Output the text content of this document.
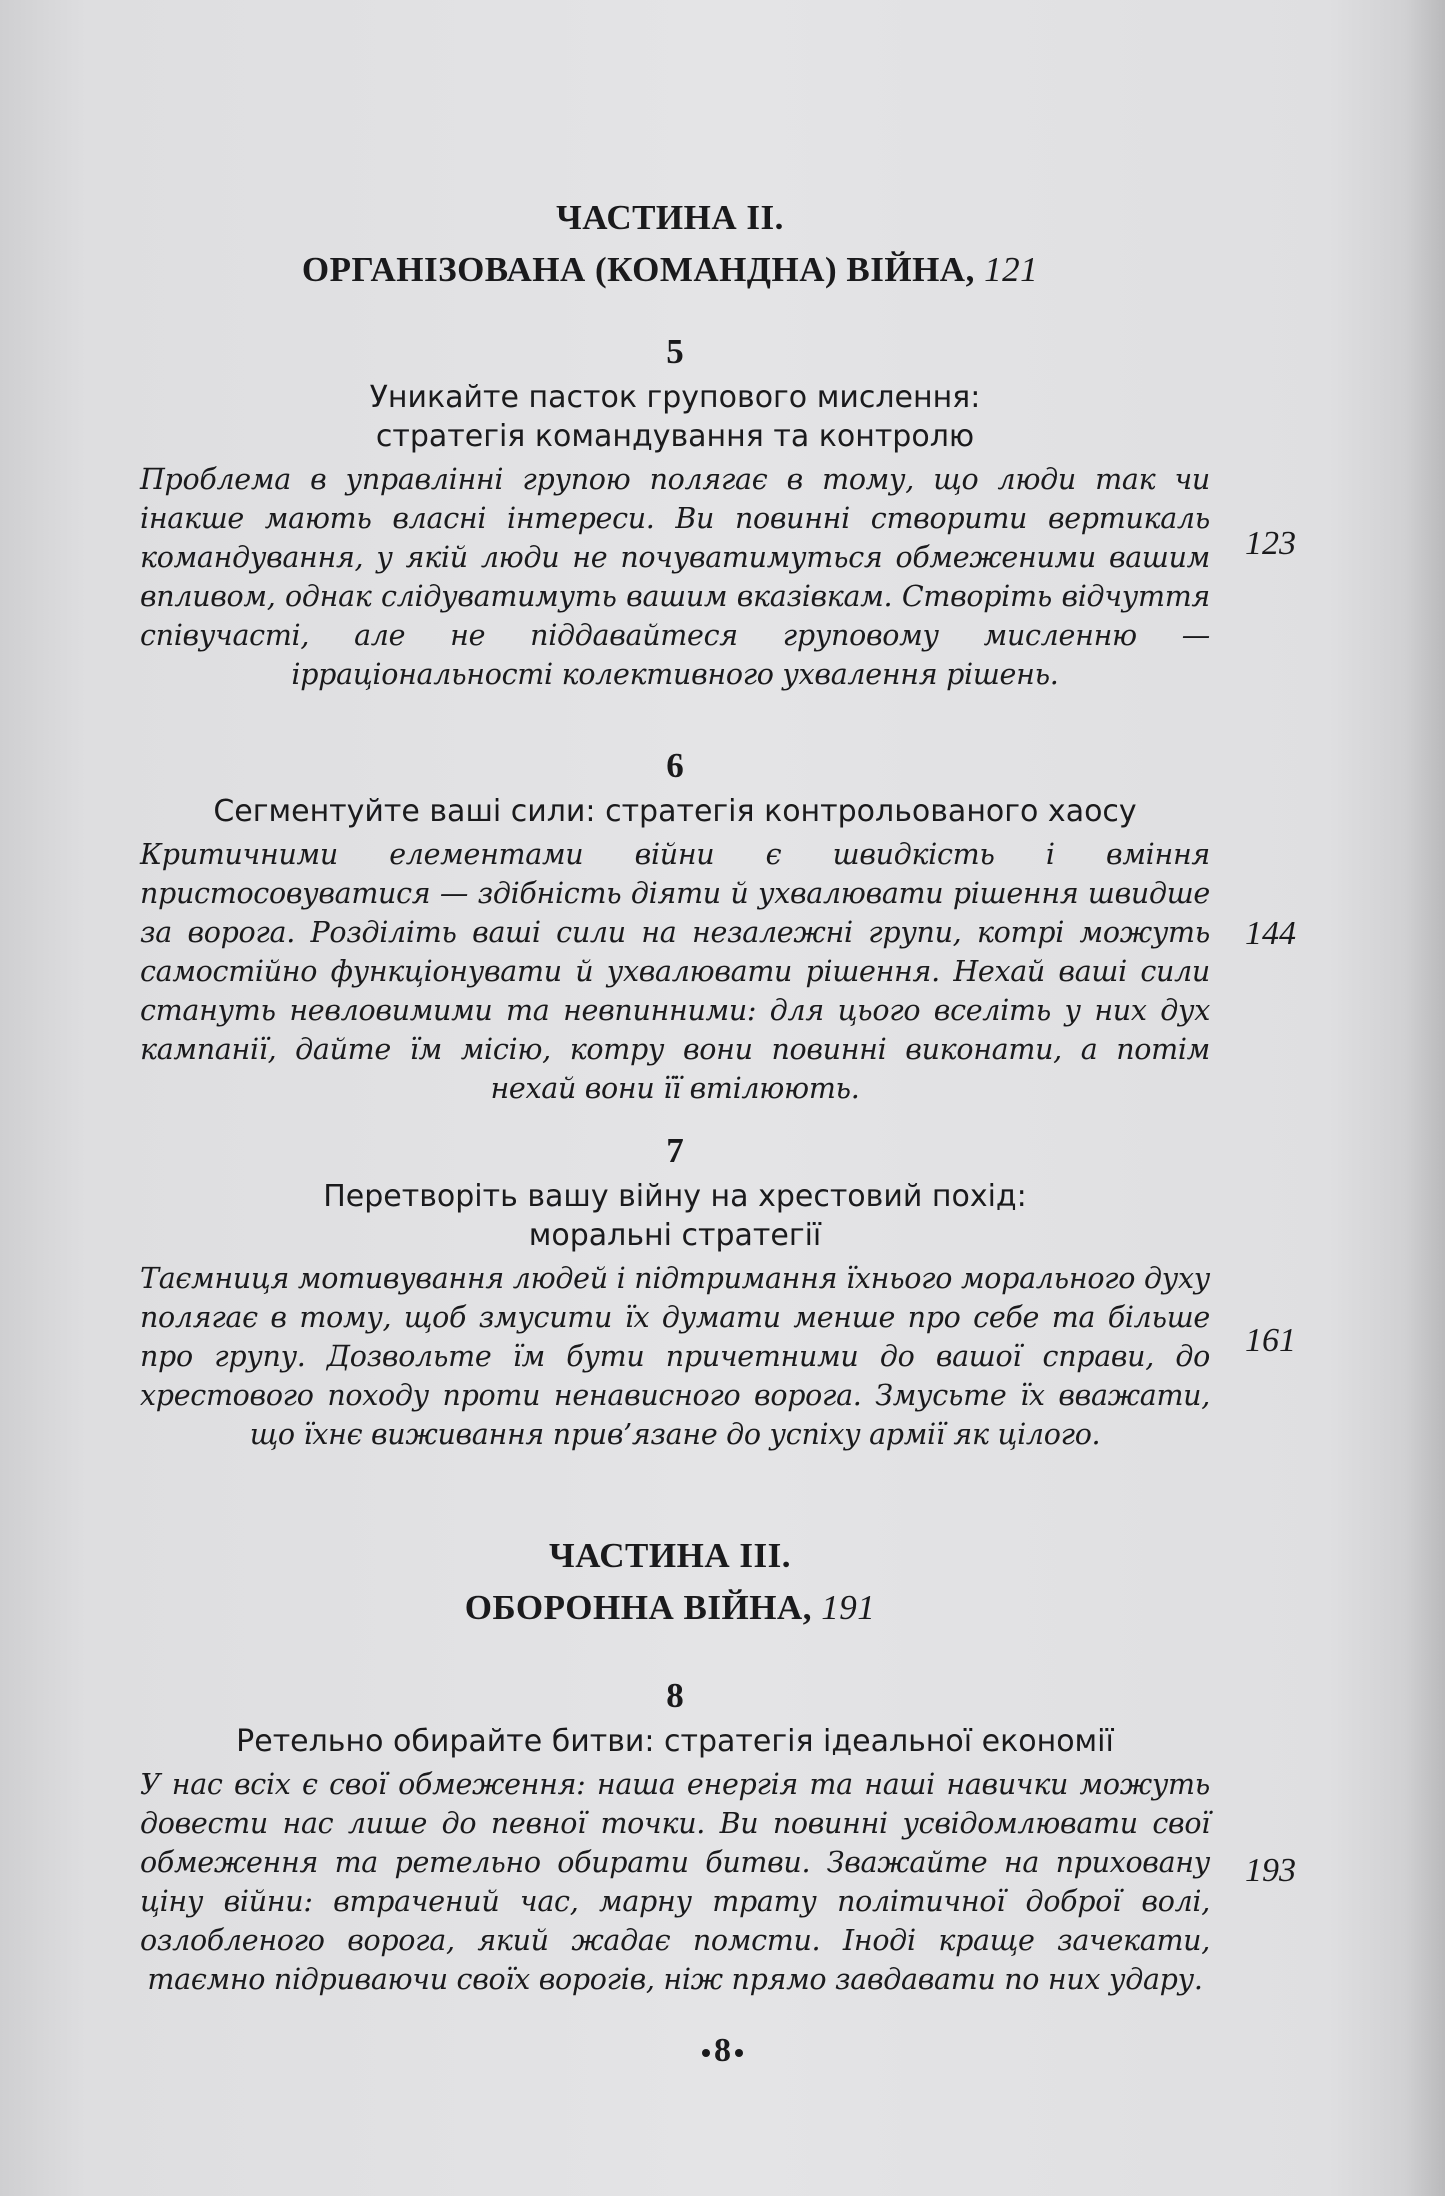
ЧАСТИНА ІІ.
ОРГАНІЗОВАНА (КОМАНДНА) ВІЙНА, 121
5
Уникайте пасток групового мислення:
стратегія командування та контролю
Проблема в управлінні групою полягає в тому, що люди так чи інакше мають власні інтереси. Ви повинні створити вертикаль командування, у якій люди не почуватимуться обмеженими вашим впливом, однак слідуватимуть вашим вказівкам. Створіть відчуття співучасті, але не піддавайтеся груповому мисленню — ірраціональності колективного ухвалення рішень.
123
6
Сегментуйте ваші сили: стратегія контрольованого хаосу
Критичними елементами війни є швидкість і вміння пристосовуватися — здібність діяти й ухвалювати рішення швидше за ворога. Розділіть ваші сили на незалежні групи, котрі можуть самостійно функціонувати й ухвалювати рішення. Нехай ваші сили стануть невловимими та невпинними: для цього вселіть у них дух кампанії, дайте їм місію, котру вони повинні виконати, а потім нехай вони її втілюють.
144
7
Перетворіть вашу війну на хрестовий похід:
моральні стратегії
Таємниця мотивування людей і підтримання їхнього морального духу полягає в тому, щоб змусити їх думати менше про себе та більше про групу. Дозвольте їм бути причетними до вашої справи, до хрестового походу проти ненависного ворога. Змусьте їх вважати, що їхнє виживання прив’язане до успіху армії як цілого.
161
ЧАСТИНА ІІІ.
ОБОРОННА ВІЙНА, 191
8
Ретельно обирайте битви: стратегія ідеальної економії
У нас всіх є свої обмеження: наша енергія та наші навички можуть довести нас лише до певної точки. Ви повинні усвідомлювати свої обмеження та ретельно обирати битви. Зважайте на приховану ціну війни: втрачений час, марну трату політичної доброї волі, озлобленого ворога, який жадає помсти. Іноді краще зачекати, таємно підриваючи своїх ворогів, ніж прямо завдавати по них удару.
193
8
